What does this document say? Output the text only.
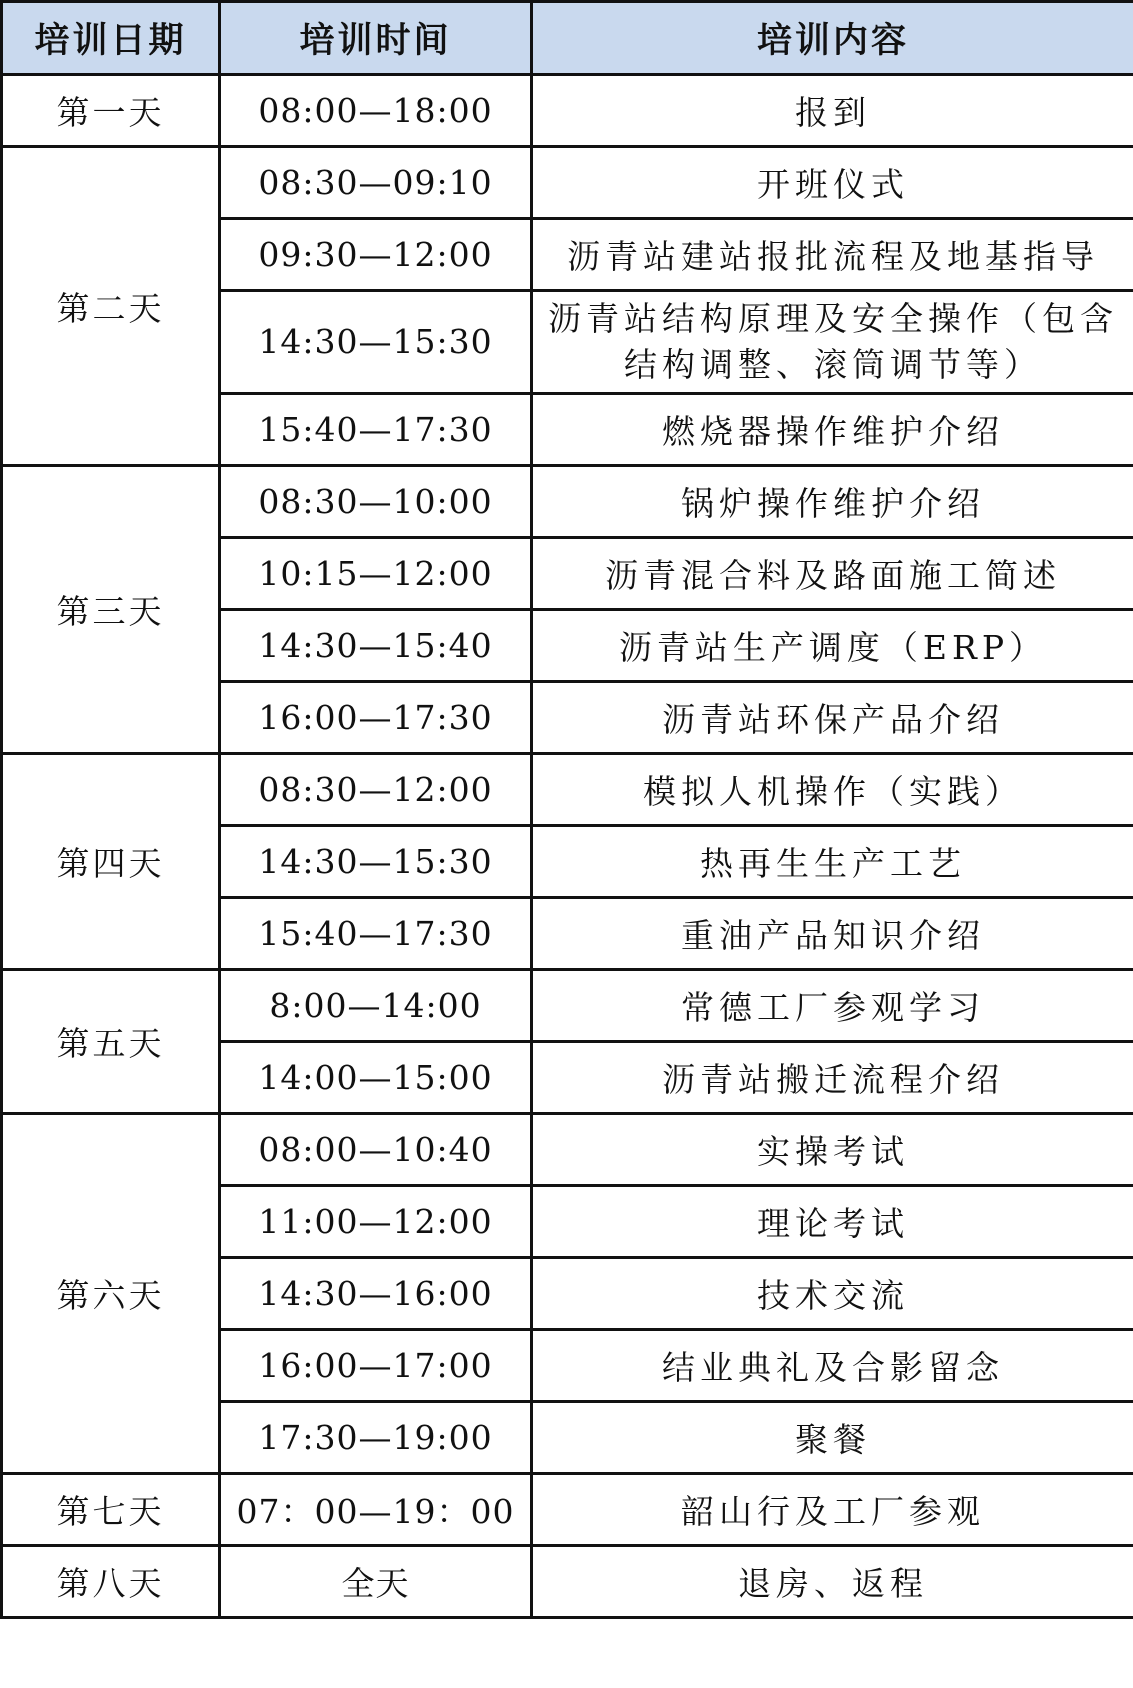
培训日期	培训时间	培训内容
第一天	08:00—18:00	报到
第二天	08:30—09:10	开班仪式
	09:30—12:00	沥青站建站报批流程及地基指导
	14:30—15:30	沥青站结构原理及安全操作（包含结构调整、滚筒调节等）
	15:40—17:30	燃烧器操作维护介绍
第三天	08:30—10:00	锅炉操作维护介绍
	10:15—12:00	沥青混合料及路面施工简述
	14:30—15:40	沥青站生产调度（ERP）
	16:00—17:30	沥青站环保产品介绍
第四天	08:30—12:00	模拟人机操作（实践）
	14:30—15:30	热再生生产工艺
	15:40—17:30	重油产品知识介绍
第五天	8:00—14:00	常德工厂参观学习
	14:00—15:00	沥青站搬迁流程介绍
第六天	08:00—10:40	实操考试
	11:00—12:00	理论考试
	14:30—16:00	技术交流
	16:00—17:00	结业典礼及合影留念
	17:30—19:00	聚餐
第七天	07：00—19：00	韶山行及工厂参观
第八天	全天	退房、返程
